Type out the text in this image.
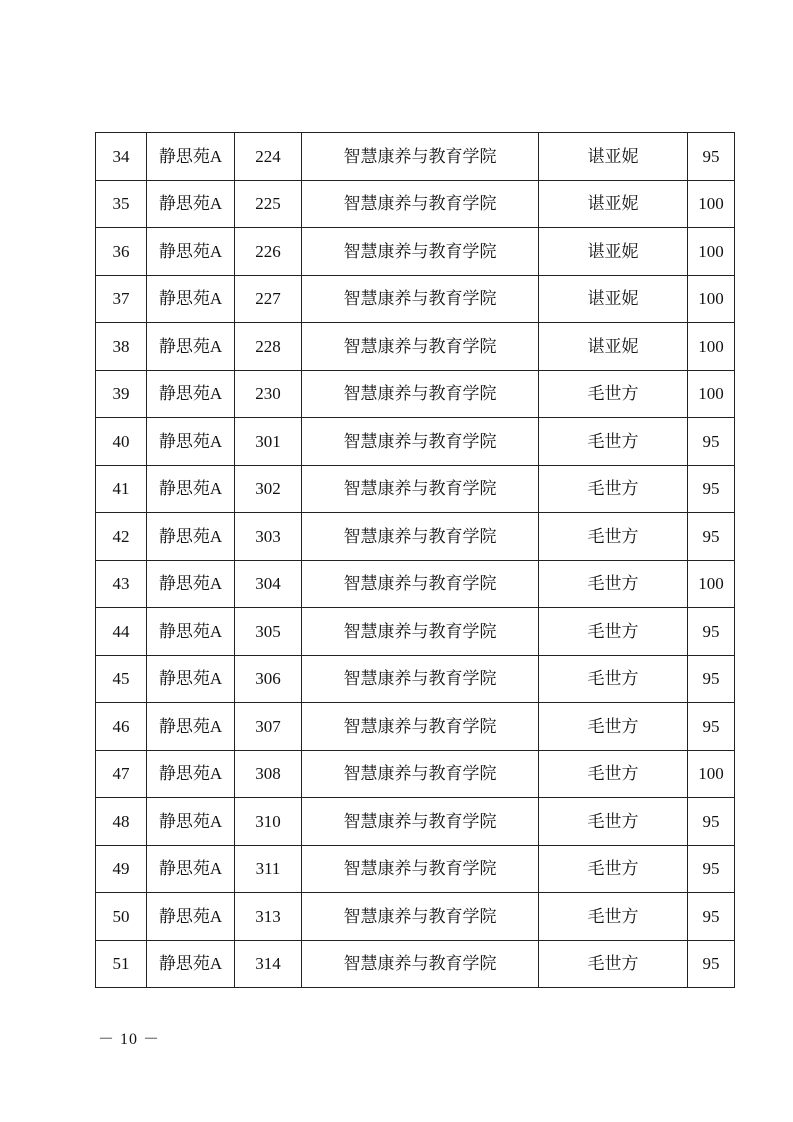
34	静思苑A	224	智慧康养与教育学院	谌亚妮	95
35	静思苑A	225	智慧康养与教育学院	谌亚妮	100
36	静思苑A	226	智慧康养与教育学院	谌亚妮	100
37	静思苑A	227	智慧康养与教育学院	谌亚妮	100
38	静思苑A	228	智慧康养与教育学院	谌亚妮	100
39	静思苑A	230	智慧康养与教育学院	毛世方	100
40	静思苑A	301	智慧康养与教育学院	毛世方	95
41	静思苑A	302	智慧康养与教育学院	毛世方	95
42	静思苑A	303	智慧康养与教育学院	毛世方	95
43	静思苑A	304	智慧康养与教育学院	毛世方	100
44	静思苑A	305	智慧康养与教育学院	毛世方	95
45	静思苑A	306	智慧康养与教育学院	毛世方	95
46	静思苑A	307	智慧康养与教育学院	毛世方	95
47	静思苑A	308	智慧康养与教育学院	毛世方	100
48	静思苑A	310	智慧康养与教育学院	毛世方	95
49	静思苑A	311	智慧康养与教育学院	毛世方	95
50	静思苑A	313	智慧康养与教育学院	毛世方	95
51	静思苑A	314	智慧康养与教育学院	毛世方	95
－ 10 －
